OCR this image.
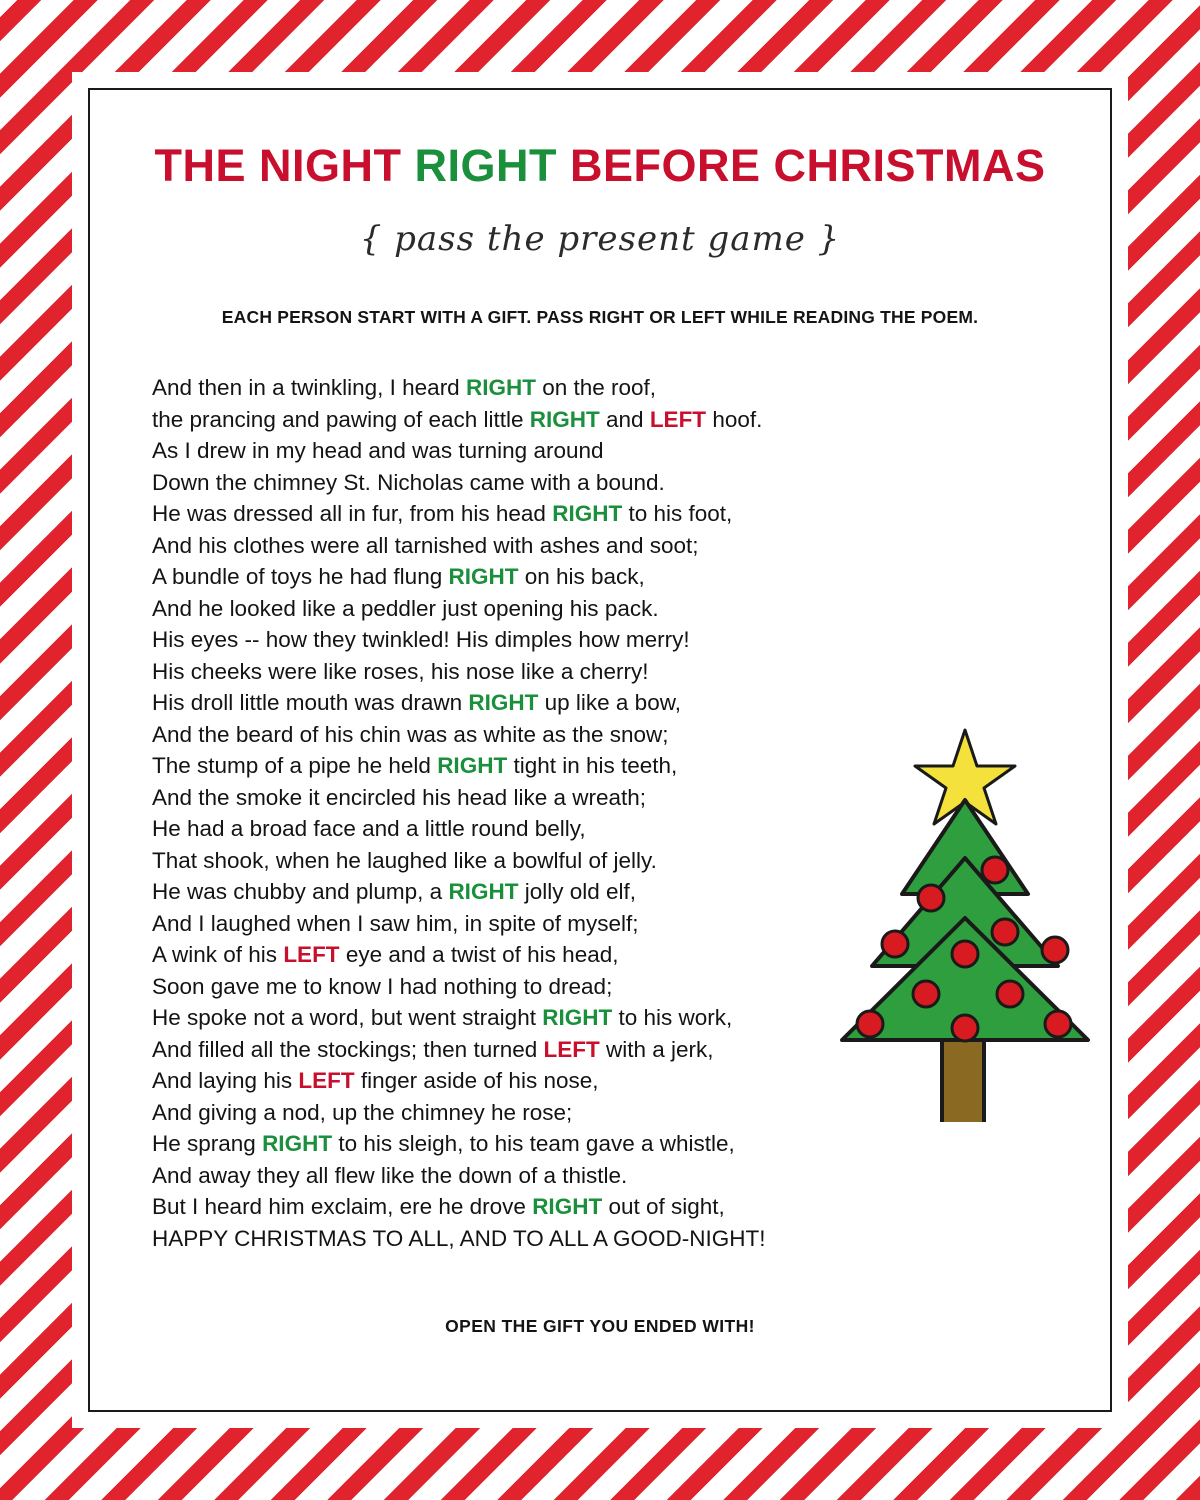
THE NIGHT RIGHT BEFORE CHRISTMAS
{ pass the present game }
EACH PERSON START WITH A GIFT. PASS RIGHT OR LEFT WHILE READING THE POEM.
And then in a twinkling, I heard RIGHT on the roof,
the prancing and pawing of each little RIGHT and LEFT hoof.
As I drew in my head and was turning around
Down the chimney St. Nicholas came with a bound.
He was dressed all in fur, from his head RIGHT to his foot,
And his clothes were all tarnished with ashes and soot;
A bundle of toys he had flung RIGHT on his back,
And he looked like a peddler just opening his pack.
His eyes -- how they twinkled! His dimples how merry!
His cheeks were like roses, his nose like a cherry!
His droll little mouth was drawn RIGHT up like a bow,
And the beard of his chin was as white as the snow;
The stump of a pipe he held RIGHT tight in his teeth,
And the smoke it encircled his head like a wreath;
He had a broad face and a little round belly,
That shook, when he laughed like a bowlful of jelly.
He was chubby and plump, a RIGHT jolly old elf,
And I laughed when I saw him, in spite of myself;
A wink of his LEFT eye and a twist of his head,
Soon gave me to know I had nothing to dread;
He spoke not a word, but went straight RIGHT to his work,
And filled all the stockings; then turned LEFT with a jerk,
And laying his LEFT finger aside of his nose,
And giving a nod, up the chimney he rose;
He sprang RIGHT to his sleigh, to his team gave a whistle,
And away they all flew like the down of a thistle.
But I heard him exclaim, ere he drove RIGHT out of sight,
HAPPY CHRISTMAS TO ALL, AND TO ALL A GOOD-NIGHT!
OPEN THE GIFT YOU ENDED WITH!
